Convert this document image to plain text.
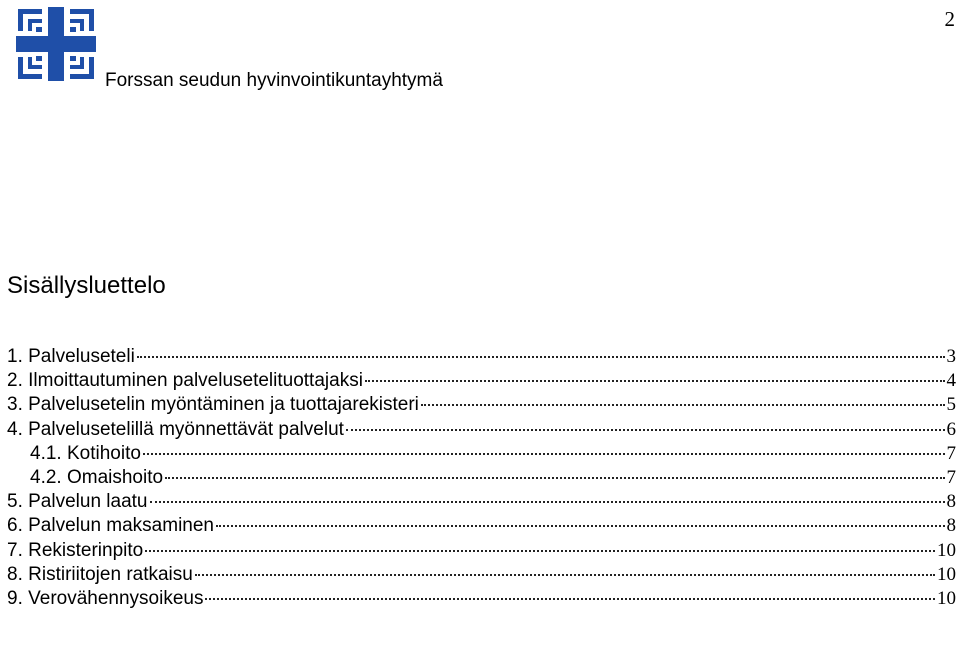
Forssan seudun hyvinvointikuntayhtymä
2
Sisällysluettelo
1. Palveluseteli	3
2. Ilmoittautuminen palvelusetelituottajaksi	4
3. Palvelusetelin myöntäminen ja tuottajarekisteri	5
4. Palvelusetelillä myönnettävät palvelut	6
4.1. Kotihoito	7
4.2. Omaishoito	7
5. Palvelun laatu	8
6. Palvelun maksaminen	8
7. Rekisterinpito	10
8. Ristiriitojen ratkaisu	10
9. Verovähennysoikeus	10
